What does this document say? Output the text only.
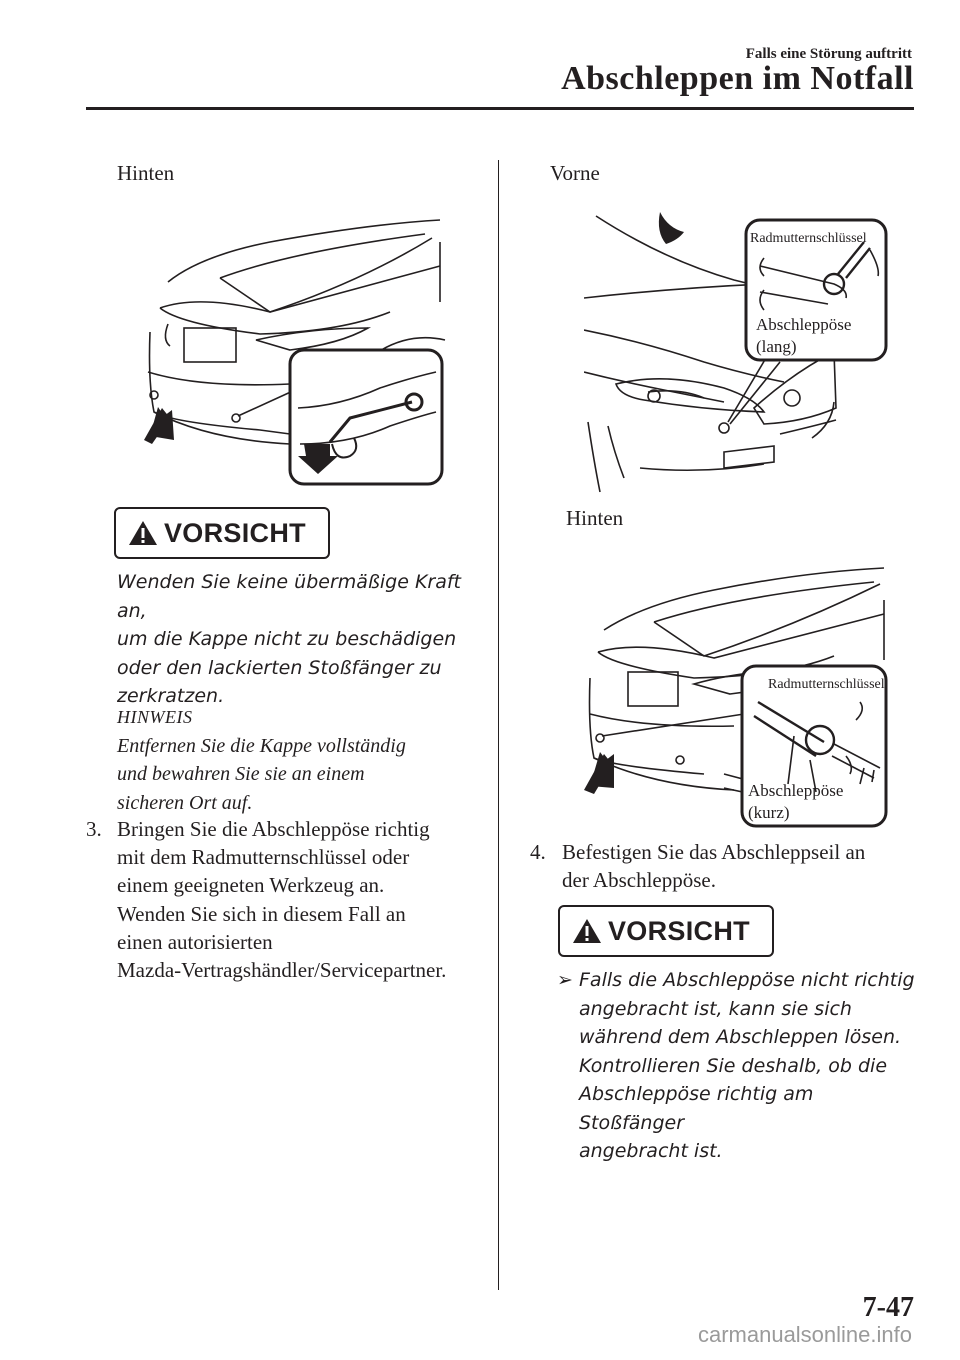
Falls eine Störung auftritt
Abschleppen im Notfall
Hinten
VORSICHT
Wenden Sie keine übermäßige Kraft an,
um die Kappe nicht zu beschädigen
oder den lackierten Stoßfänger zu
zerkratzen.
HINWEIS
Entfernen Sie die Kappe vollständig
und bewahren Sie sie an einem
sicheren Ort auf.
3. Bringen Sie die Abschleppöse richtig
mit dem Radmutternschlüssel oder
einem geeigneten Werkzeug an.
Wenden Sie sich in diesem Fall an
einen autorisierten
Mazda-Vertragshändler/Servicepartner.
Vorne
Radmutternschlüssel
Abschleppöse
(lang)
Hinten
Radmutternschlüssel
Abschleppöse
(kurz)
4. Befestigen Sie das Abschleppseil an
der Abschleppöse.
VORSICHT
➢ Falls die Abschleppöse nicht richtig
angebracht ist, kann sie sich
während dem Abschleppen lösen.
Kontrollieren Sie deshalb, ob die
Abschleppöse richtig am Stoßfänger
angebracht ist.
7-47
carmanualsonline.info
